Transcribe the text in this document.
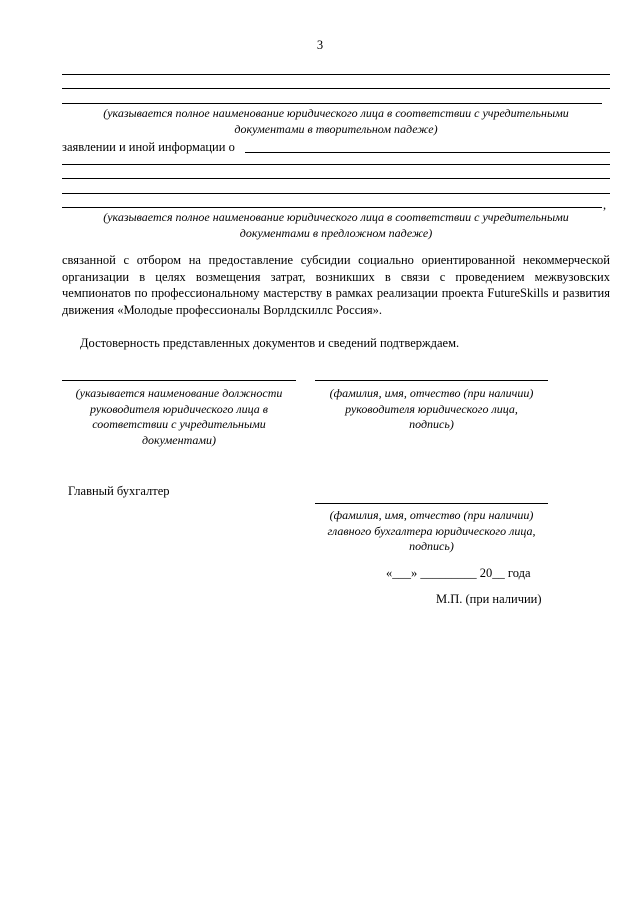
3
(указывается полное наименование юридического лица в соответствии с учредительными
документами в творительном падеже)
заявлении и иной информации о
,
(указывается полное наименование юридического лица в соответствии с учредительными
документами в предложном падеже)
связанной с отбором на предоставление субсидии социально ориентированной некоммерческой организации в целях возмещения затрат, возникших в связи с проведением межвузовских чемпионатов по профессиональному мастерству в рамках реализации проекта FutureSkills и развития движения «Молодые профессионалы Ворлдскиллс Россия».
Достоверность представленных документов и сведений подтверждаем.
(указывается наименование должности
руководителя юридического лица в
соответствии с учредительными
документами)
(фамилия, имя, отчество (при наличии)
руководителя юридического лица,
подпись)
Главный бухгалтер
(фамилия, имя, отчество (при наличии)
главного бухгалтера юридического лица,
подпись)
«___» _________ 20__ года
М.П. (при наличии)
